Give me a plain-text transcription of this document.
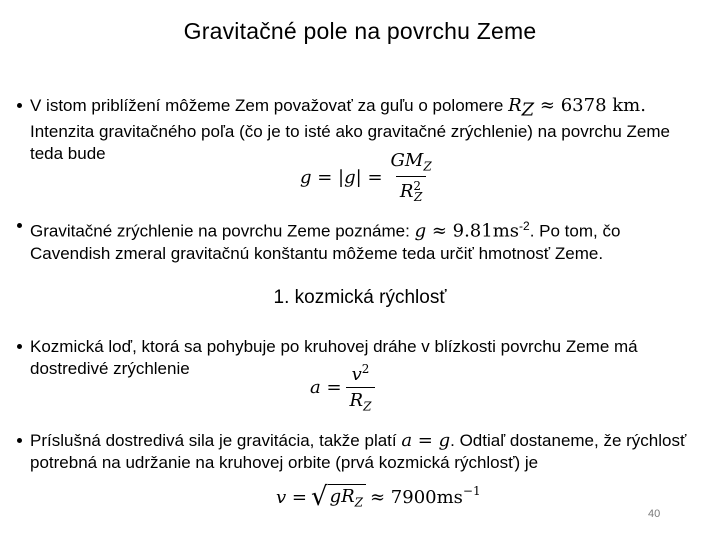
Gravitačné pole na povrchu Zeme
V istom priblížení môžeme Zem považovať za guľu o polomere $R_Z \approx 6378$ km.
Intenzita gravitačného poľa (čo je to isté ako gravitačné zrýchlenie) na povrchu Zeme teda bude
g = | g | = $\frac{GM_Z}{R^2_Z}$
Gravitačné zrýchlenie na povrchu Zeme poznáme: $g \approx 9.81ms^{-2}$. Po tom, čo Cavendish zmeral gravitačnú konštantu môžeme teda určiť hmotnosť Zeme.
1. kozmická rýchlosť
Kozmická loď, ktorá sa pohybuje po kruhovej dráhe v blízkosti povrchu Zeme má dostredivé zrýchlenie
$a = \frac{v^2}{R_Z}$
Príslušná dostredivá sila je gravitácia, takže platí a = g. Odtiaľ dostaneme, že rýchlosť potrebná na udržanie na kruhovej orbite (prvá kozmická rýchlosť) je
v = √ $gR_Z \approx 7900ms^{-1}$
40
